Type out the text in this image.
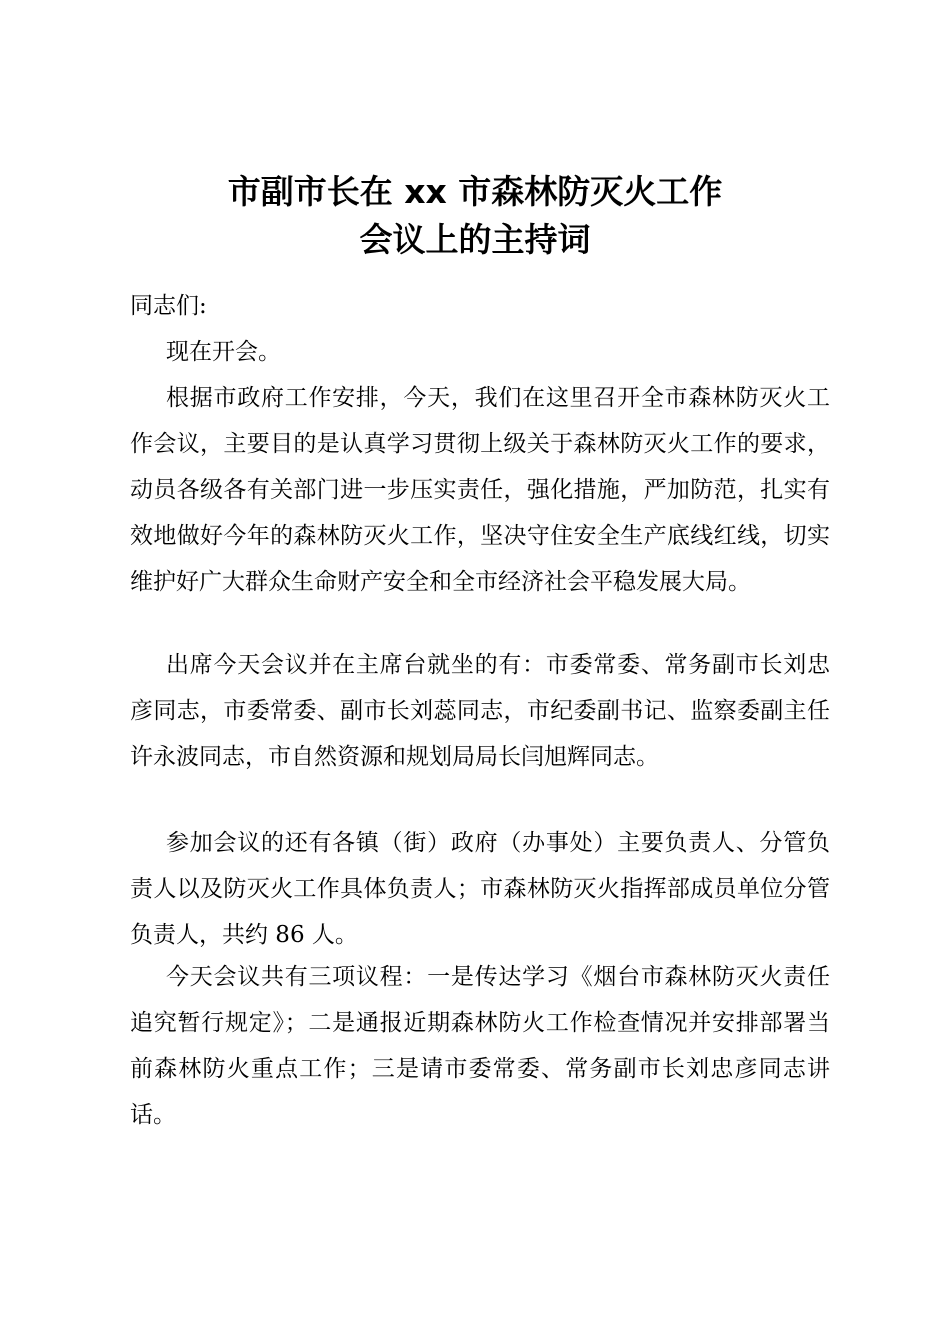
市副市长在 xx 市森林防灭火工作
会议上的主持词
同志们:
现在开会。
根据市政府工作安排，今天，我们在这里召开全市森林防灭火工作会议，主要目的是认真学习贯彻上级关于森林防灭火工作的要求，动员各级各有关部门进一步压实责任，强化措施，严加防范，扎实有效地做好今年的森林防灭火工作，坚决守住安全生产底线红线，切实维护好广大群众生命财产安全和全市经济社会平稳发展大局。
出席今天会议并在主席台就坐的有：市委常委、常务副市长刘忠彦同志，市委常委、副市长刘蕊同志，市纪委副书记、监察委副主任许永波同志，市自然资源和规划局局长闫旭辉同志。
参加会议的还有各镇（街）政府（办事处）主要负责人、分管负责人以及防灭火工作具体负责人；市森林防灭火指挥部成员单位分管负责人，共约 86 人。
今天会议共有三项议程：一是传达学习《烟台市森林防灭火责任追究暂行规定》；二是通报近期森林防火工作检查情况并安排部署当前森林防火重点工作；三是请市委常委、常务副市长刘忠彦同志讲话。
